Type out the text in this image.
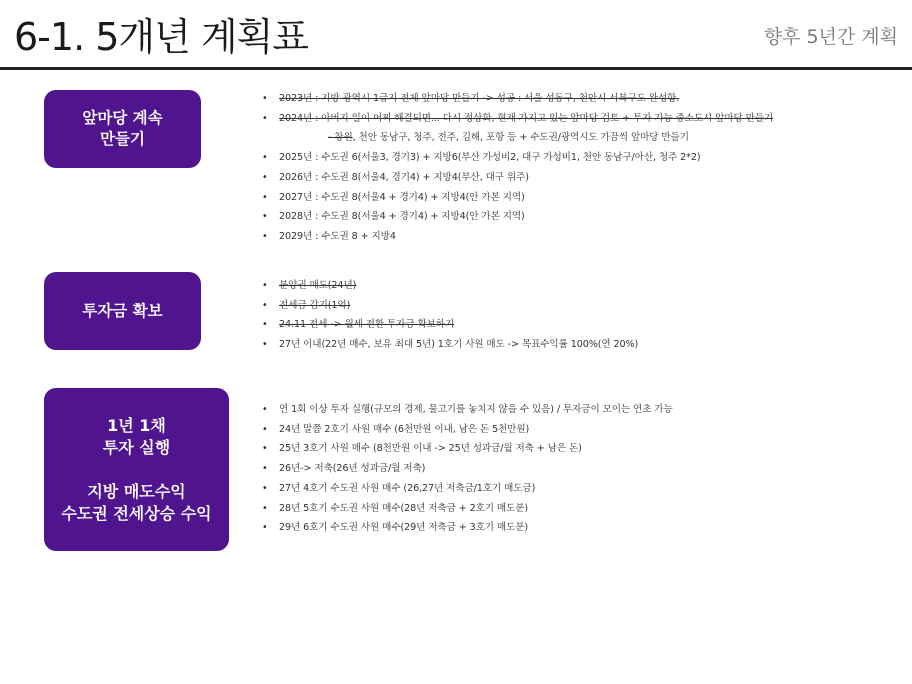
6-1. 5개년 계획표	향후 5년간 계획
앞마당 계속
만들기
• 2023년 : 지방 광역시 1급지 전체 앞마당 만들기 -> 성공 : 서울 성동구, 천안시 서북구도 완성함.
• 2024년 : 아버지 일이 어찌 해결되면... 다시 정상화, 현재 가지고 있는 앞마당 검토 + 투자 가능 중소도시 앞마당 만들기
- 창원, 천안 동남구, 청주, 전주, 김해, 포항 등 + 수도권/광역시도 가끔씩 앞마당 만들기
• 2025년 : 수도권 6(서울3, 경기3) + 지방6(부산 가성비2, 대구 가성비1, 천안 동남구/아산, 청주 2*2)
• 2026년 : 수도권 8(서울4, 경기4) + 지방4(부산, 대구 위주)
• 2027년 : 수도권 8(서울4 + 경기4) + 지방4(안 가본 지역)
• 2028년 : 수도권 8(서울4 + 경기4) + 지방4(안 가본 지역)
• 2029년 : 수도권 8 + 지방4
투자금 확보
• 분양권 매도(24년)
• 전세금 감기(1억)
• 24.11 전세 -> 월세 전환 투자금 확보하기
• 27년 이내(22년 매수, 보유 최대 5년) 1호기 사원 매도 -> 목표수익률 100%(연 20%)
1년 1채
투자 실행

지방 매도수익
수도권 전세상승 수익
• 연 1회 이상 투자 실행(규모의 경제, 물고기를 놓치지 않을 수 있음) / 투자금이 모이는 연초 가능
• 24년 말쯤 2호기 사원 매수 (6천만원 이내, 남은 돈 5천만원)
• 25년 3호기 사원 매수 (8천만원 이내 -> 25년 성과금/월 저축 + 남은 돈)
• 26년-> 저축(26년 성과금/월 저축)
• 27년 4호기 수도권 사원 매수 (26,27년 저축금/1호기 매도금)
• 28년 5호기 수도권 사원 매수(28년 저축금 + 2호기 매도분)
• 29년 6호기 수도권 사원 매수(29년 저축금 + 3호기 매도분)
